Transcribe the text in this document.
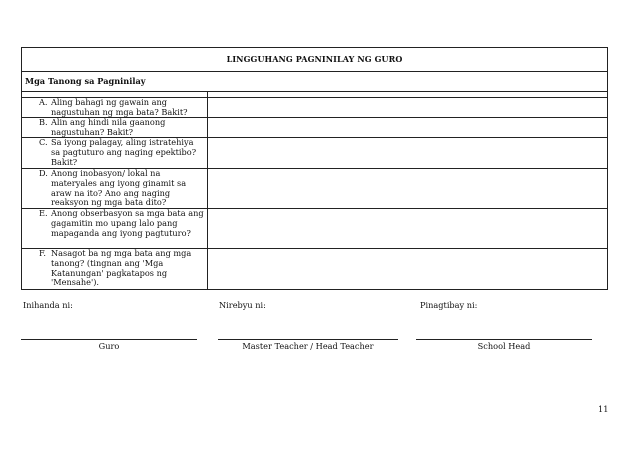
LINGGUHANG PAGNINILAY NG GURO	
Mga Tanong sa Pagninilay	

A. Aling bahagi ng gawain ang nagustuhan ng mga bata? Bakit?	

B. Alin ang hindi nila gaanong nagustuhan? Bakit?	

C. Sa iyong palagay, aling istratehiya sa pagtuturo ang naging epektibo? Bakit?	

D. Anong inobasyon/ lokal na materyales ang iyong ginamit sa araw na ito? Ano ang naging reaksyon ng mga bata dito?	

E. Anong obserbasyon sa mga bata ang gagamitin mo upang lalo pang mapaganda ang iyong pagtuturo?	

F. Nasagot ba ng mga bata ang mga tanong? (tingnan ang 'Mga Katanungan' pagkatapos ng 'Mensahe').	

Inihanda ni:	Nirebyu ni:	Pinagtibay ni:
Guro	Master Teacher / Head Teacher	School Head
11
